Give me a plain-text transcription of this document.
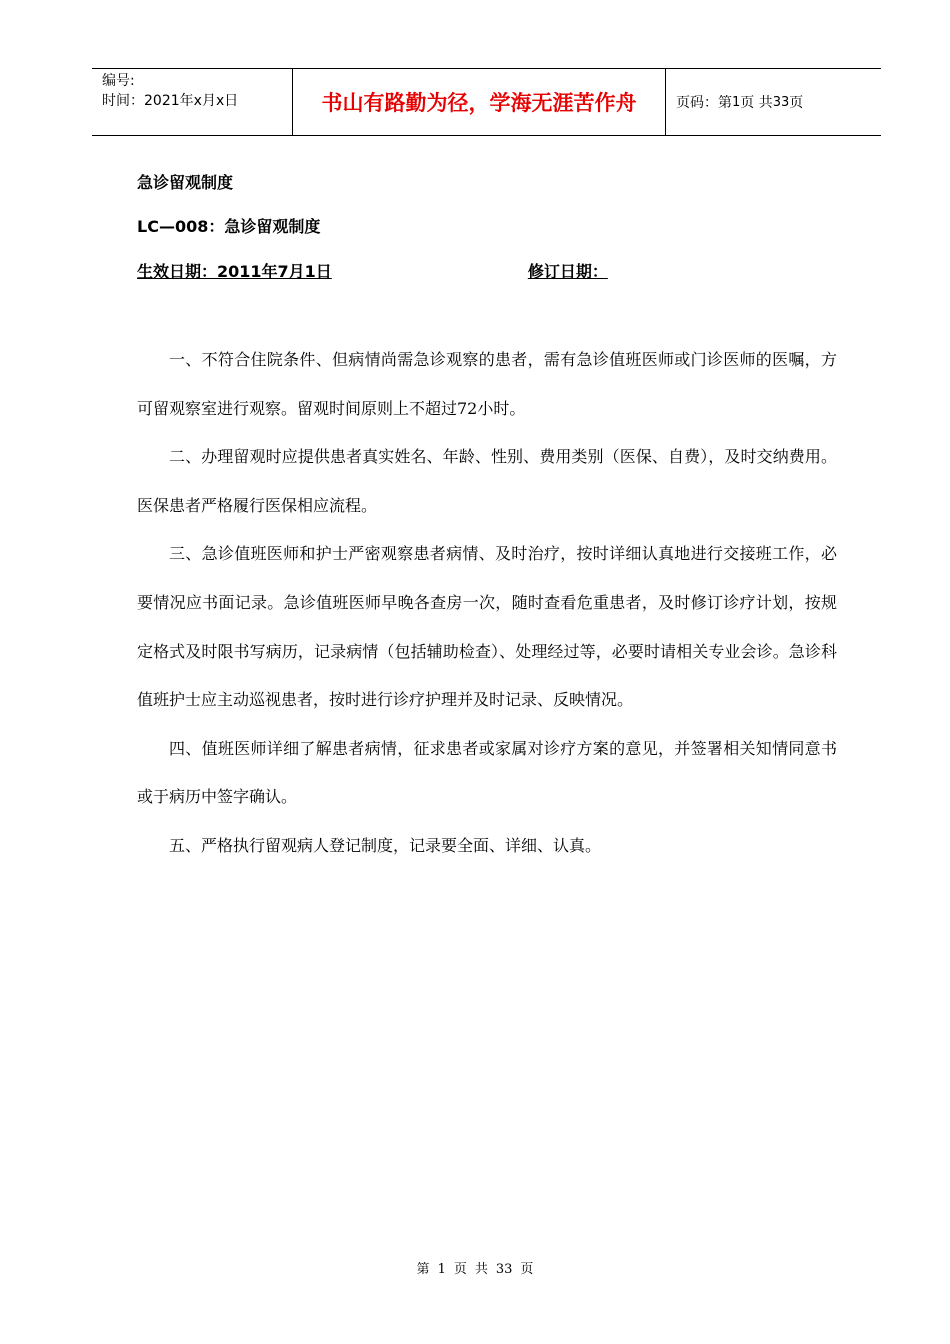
编号:
时间：2021年x月x日	书山有路勤为径，学海无涯苦作舟	页码：第 1 页
共 33 页
急诊留观制度
LC—008：急诊留观制度
生效日期：2011年7月1日	修订日期：

一、不符合住院条件、但病情尚需急诊观察的患者，需有急诊值班医师或门诊医师的医嘱，方可留观察室进行观察。留观时间原则上不超过72小时。

二、办理留观时应提供患者真实姓名、年龄、性别、费用类别（医保、自费），及时交纳费用。医保患者严格履行医保相应流程。

三、急诊值班医师和护士严密观察患者病情、及时治疗，按时详细认真地进行交接班工作，必要情况应书面记录。急诊值班医师早晚各查房一次，随时查看危重患者，及时修订诊疗计划，按规定格式及时限书写病历，记录病情（包括辅助检查）、处理经过等，必要时请相关专业会诊。急诊科值班护士应主动巡视患者，按时进行诊疗护理并及时记录、反映情况。

四、值班医师详细了解患者病情，征求患者或家属对诊疗方案的意见，并签署相关知情同意书或于病历中签字确认。

五、严格执行留观病人登记制度，记录要全面、详细、认真。

第 1 页 共 33 页
